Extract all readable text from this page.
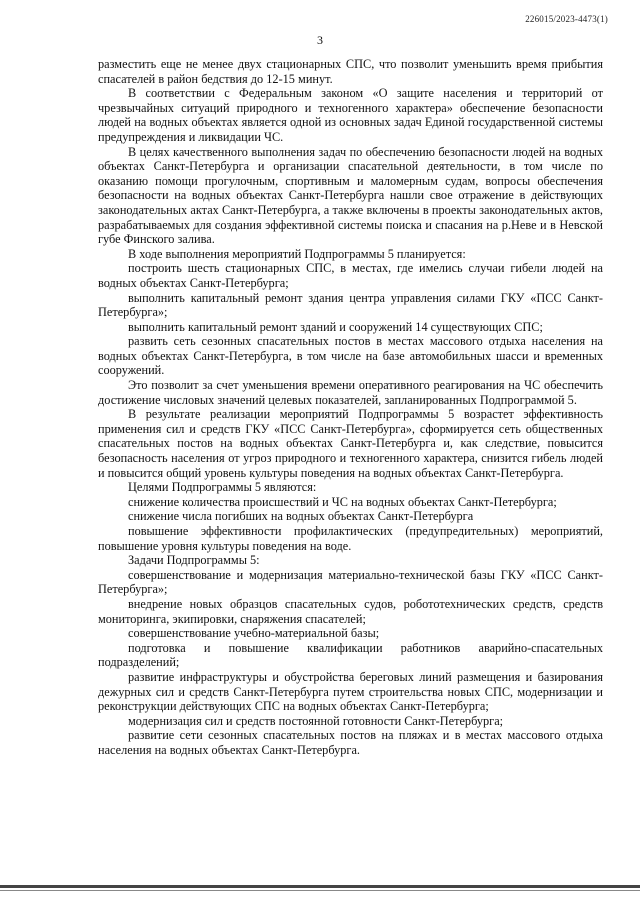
226015/2023-4473(1)
3

разместить еще не менее двух стационарных СПС, что позволит уменьшить время прибытия спасателей в район бедствия до 12-15 минут.

В соответствии с Федеральным законом «О защите населения и территорий от чрезвычайных ситуаций природного и техногенного характера» обеспечение безопасности людей на водных объектах является одной из основных задач Единой государственной системы предупреждения и ликвидации ЧС.

В целях качественного выполнения задач по обеспечению безопасности людей на водных объектах Санкт-Петербурга и организации спасательной деятельности, в том числе по оказанию помощи прогулочным, спортивным и маломерным судам, вопросы обеспечения безопасности на водных объектах Санкт-Петербурга нашли свое отражение в действующих законодательных актах Санкт-Петербурга, а также включены в проекты законодательных актов, разрабатываемых для создания эффективной системы поиска и спасания на р.Неве и в Невской губе Финского залива.

В ходе выполнения мероприятий Подпрограммы 5 планируется:

построить шесть стационарных СПС, в местах, где имелись случаи гибели людей на водных объектах Санкт-Петербурга;

выполнить капитальный ремонт здания центра управления силами ГКУ «ПСС Санкт-Петербурга»;

выполнить капитальный ремонт зданий и сооружений 14 существующих СПС;

развить сеть сезонных спасательных постов в местах массового отдыха населения на водных объектах Санкт-Петербурга, в том числе на базе автомобильных шасси и временных сооружений.

Это позволит за счет уменьшения времени оперативного реагирования на ЧС обеспечить достижение числовых значений целевых показателей, запланированных Подпрограммой 5.

В результате реализации мероприятий Подпрограммы 5 возрастет эффективность применения сил и средств ГКУ «ПСС Санкт-Петербурга», сформируется сеть общественных спасательных постов на водных объектах Санкт-Петербурга и, как следствие, повысится безопасность населения от угроз природного и техногенного характера, снизится гибель людей и повысится общий уровень культуры поведения на водных объектах Санкт-Петербурга.

Целями Подпрограммы 5 являются:

снижение количества происшествий и ЧС на водных объектах Санкт-Петербурга;

снижение числа погибших на водных объектах Санкт-Петербурга

повышение эффективности профилактических (предупредительных) мероприятий, повышение уровня культуры поведения на воде.

Задачи Подпрограммы 5:

совершенствование и модернизация материально-технической базы ГКУ «ПСС Санкт-Петербурга»;

внедрение новых образцов спасательных судов, робототехнических средств, средств мониторинга, экипировки, снаряжения спасателей;

совершенствование учебно-материальной базы;

подготовка и повышение квалификации работников аварийно-спасательных подразделений;

развитие инфраструктуры и обустройства береговых линий размещения и базирования дежурных сил и средств Санкт-Петербурга путем строительства новых СПС, модернизации и реконструкции действующих СПС на водных объектах Санкт-Петербурга;

модернизация сил и средств постоянной готовности Санкт-Петербурга;

развитие сети сезонных спасательных постов на пляжах и в местах массового отдыха населения на водных объектах Санкт-Петербурга.
